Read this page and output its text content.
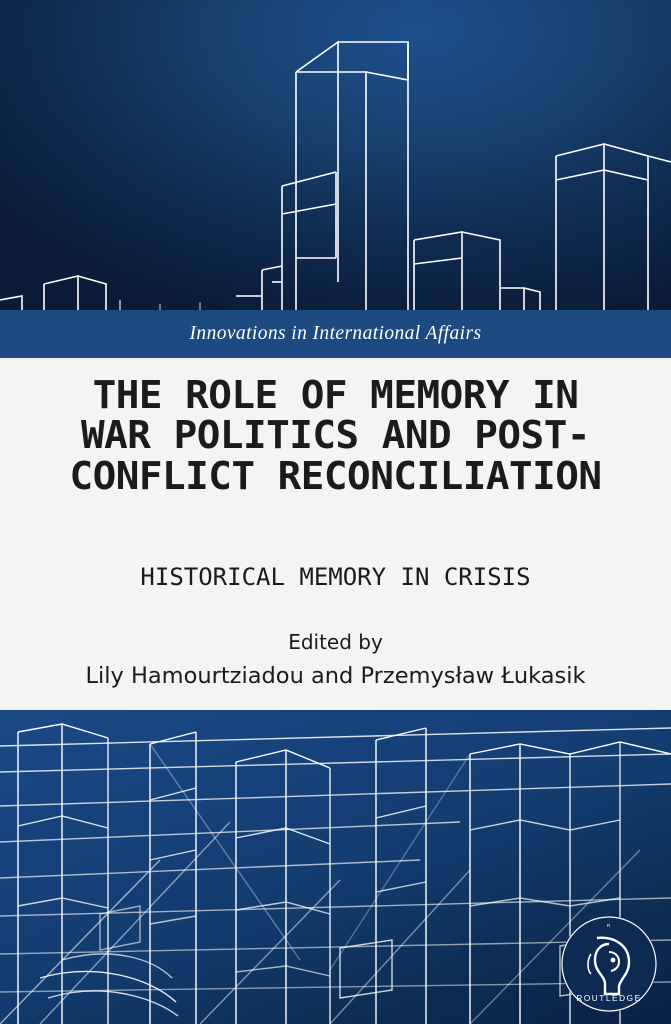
Innovations in International Affairs
THE ROLE OF MEMORY IN
WAR POLITICS AND POST-
CONFLICT RECONCILIATION
HISTORICAL MEMORY IN CRISIS
Edited by
Lily Hamourtziadou and Przemysław Łukasik
R
ROUTLEDGE
